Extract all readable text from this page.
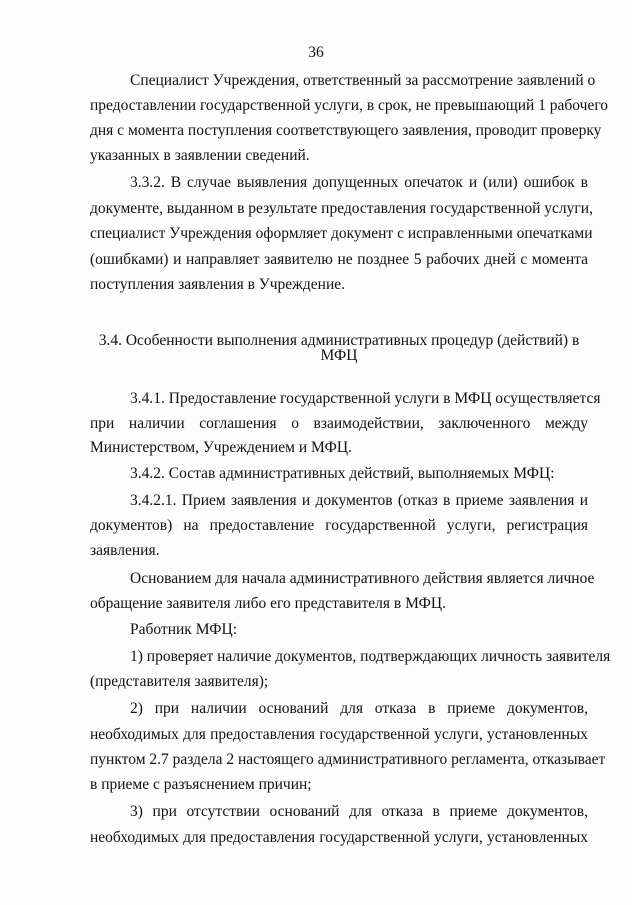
36
Специалист Учреждения, ответственный за рассмотрение заявлений о
предоставлении государственной услуги, в срок, не превышающий 1 рабочего
дня с момента поступления соответствующего заявления, проводит проверку
указанных в заявлении сведений.
3.3.2. В случае выявления допущенных опечаток и (или) ошибок в
документе, выданном в результате предоставления государственной услуги,
специалист Учреждения оформляет документ с исправленными опечатками
(ошибками) и направляет заявителю не позднее 5 рабочих дней с момента
поступления заявления в Учреждение.
3.4. Особенности выполнения административных процедур (действий) в
МФЦ
3.4.1. Предоставление государственной услуги в МФЦ осуществляется
при наличии соглашения о взаимодействии, заключенного между
Министерством, Учреждением и МФЦ.
3.4.2. Состав административных действий, выполняемых МФЦ:
3.4.2.1. Прием заявления и документов (отказ в приеме заявления и
документов) на предоставление государственной услуги, регистрация
заявления.
Основанием для начала административного действия является личное
обращение заявителя либо его представителя в МФЦ.
Работник МФЦ:
1) проверяет наличие документов, подтверждающих личность заявителя
(представителя заявителя);
2) при наличии оснований для отказа в приеме документов,
необходимых для предоставления государственной услуги, установленных
пунктом 2.7 раздела 2 настоящего административного регламента, отказывает
в приеме с разъяснением причин;
3) при отсутствии оснований для отказа в приеме документов,
необходимых для предоставления государственной услуги, установленных
